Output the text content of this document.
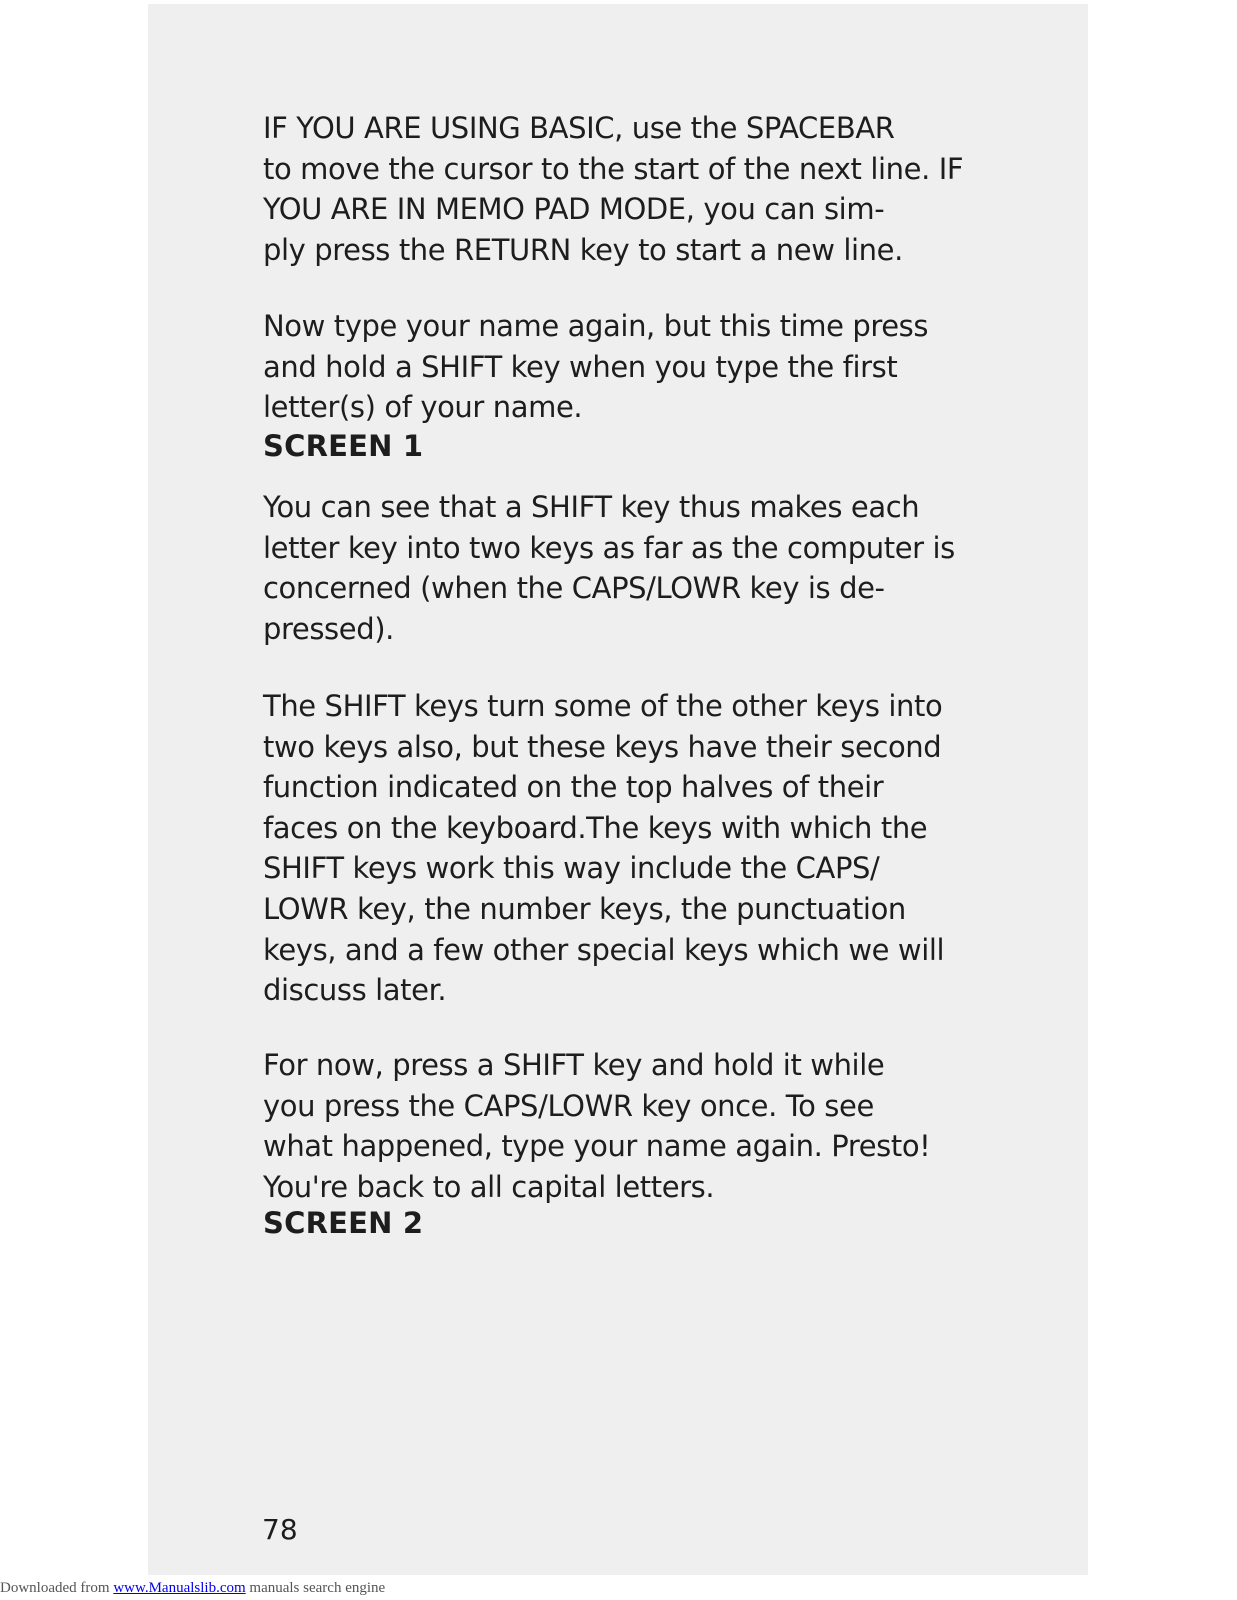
IF YOU ARE USING BASIC, use the SPACEBAR
to move the cursor to the start of the next line. IF
YOU ARE IN MEMO PAD MODE, you can sim-
ply press the RETURN key to start a new line.

Now type your name again, but this time press
and hold a SHIFT key when you type the first
letter(s) of your name.

SCREEN 1

You can see that a SHIFT key thus makes each
letter key into two keys as far as the computer is
concerned (when the CAPS/LOWR key is de-
pressed).

The SHIFT keys turn some of the other keys into
two keys also, but these keys have their second
function indicated on the top halves of their
faces on the keyboard.The keys with which the
SHIFT keys work this way include the CAPS/
LOWR key, the number keys, the punctuation
keys, and a few other special keys which we will
discuss later.

For now, press a SHIFT key and hold it while
you press the CAPS/LOWR key once. To see
what happened, type your name again. Presto!
You're back to all capital letters.

SCREEN 2

78

Downloaded from www.Manualslib.com manuals search engine
